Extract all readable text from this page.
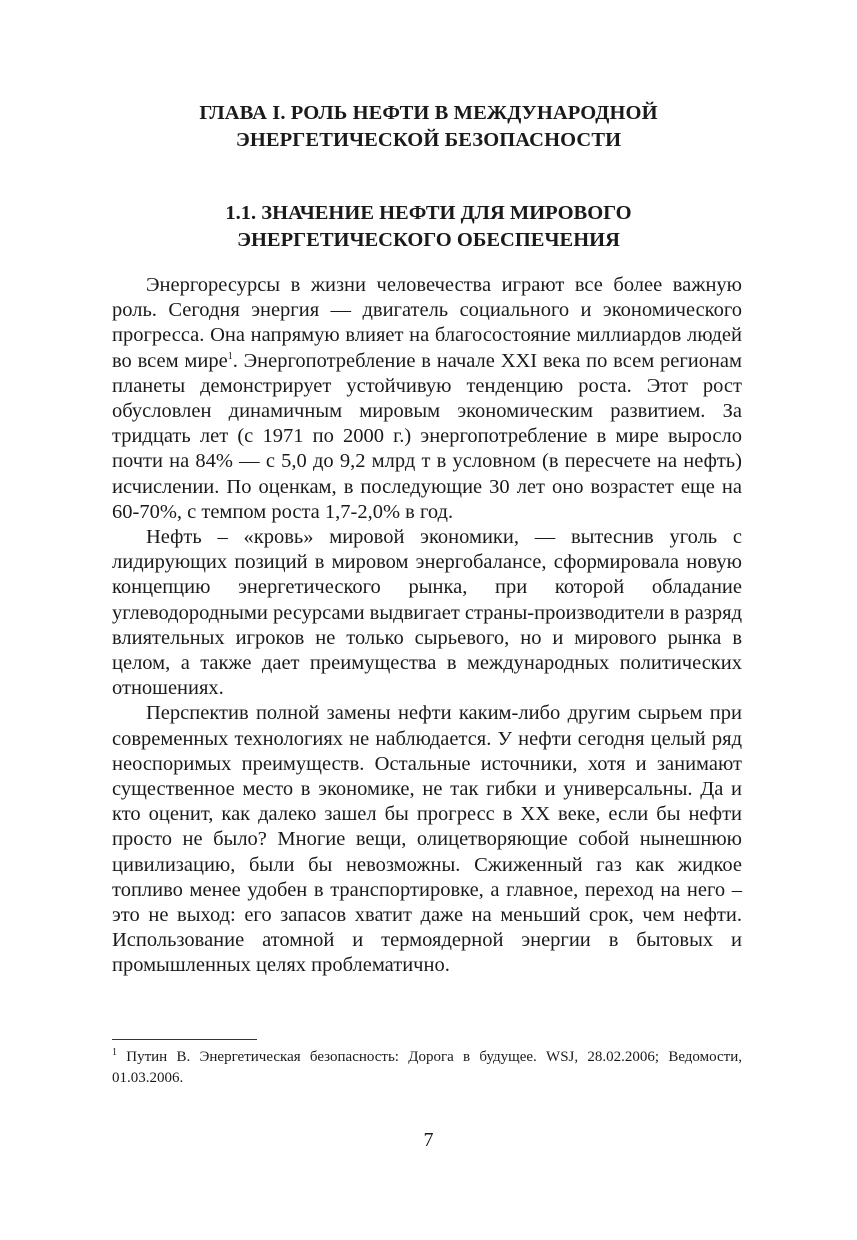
ГЛАВА I. РОЛЬ НЕФТИ В МЕЖДУНАРОДНОЙ
ЭНЕРГЕТИЧЕСКОЙ БЕЗОПАСНОСТИ
1.1. ЗНАЧЕНИЕ НЕФТИ ДЛЯ МИРОВОГО
ЭНЕРГЕТИЧЕСКОГО ОБЕСПЕЧЕНИЯ

Энергоресурсы в жизни человечества играют все более важную роль. Сегодня энергия — двигатель социального и экономического прогресса. Она напрямую влияет на благосостояние миллиардов людей во всем мире$^1$. Энергопотребление в начале XXI века по всем регионам планеты демонстрирует устойчивую тенденцию роста. Этот рост обусловлен динамичным мировым экономическим развитием. За тридцать лет (с 1971 по 2000 г.) энергопотребление в мире выросло почти на 84% — с 5,0 до 9,2 млрд т в условном (в пересчете на нефть) исчислении. По оценкам, в последующие 30 лет оно возрастет еще на 60-70%, с темпом роста 1,7-2,0% в год.

Нефть – «кровь» мировой экономики, — вытеснив уголь с лидирующих позиций в мировом энергобалансе, сформировала новую концепцию энергетического рынка, при которой обладание углеводородными ресурсами выдвигает страны-производители в разряд влиятельных игроков не только сырьевого, но и мирового рынка в целом, а также дает преимущества в международных политических отношениях.

Перспектив полной замены нефти каким-либо другим сырьем при современных технологиях не наблюдается. У нефти сегодня целый ряд неоспоримых преимуществ. Остальные источники, хотя и занимают существенное место в экономике, не так гибки и универсальны. Да и кто оценит, как далеко зашел бы прогресс в XX веке, если бы нефти просто не было? Многие вещи, олицетворяющие собой нынешнюю цивилизацию, были бы невозможны. Сжиженный газ как жидкое топливо менее удобен в транспортировке, а главное, переход на него – это не выход: его запасов хватит даже на меньший срок, чем нефти. Использование атомной и термоядерной энергии в бытовых и промышленных целях проблематично.

$^1$ Путин В. Энергетическая безопасность: Дорога в будущее. WSJ, 28.02.2006; Ведомости, 01.03.2006.
7
